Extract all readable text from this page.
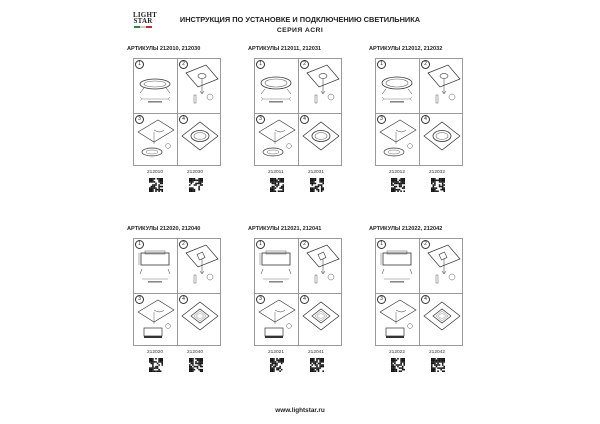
LIGHT
STAR	ИНСТРУКЦИЯ ПО УСТАНОВКЕ И ПОДКЛЮЧЕНИЮ СВЕТИЛЬНИКА
СЕРИЯ ACRI
АРТИКУЛЫ 212010, 212030
1	2
3	4
212010	212030
АРТИКУЛЫ 212011, 212031
1	2
3	4
212011	212031
АРТИКУЛЫ 212012, 212032
1	2
3	4
212012	212032
АРТИКУЛЫ 212020, 212040
1	2
3	4
212020	212040
АРТИКУЛЫ 212021, 212041
1	2
3	4
212021	212041
АРТИКУЛЫ 212022, 212042
1	2
3	4
212022	212042
www.lightstar.ru
